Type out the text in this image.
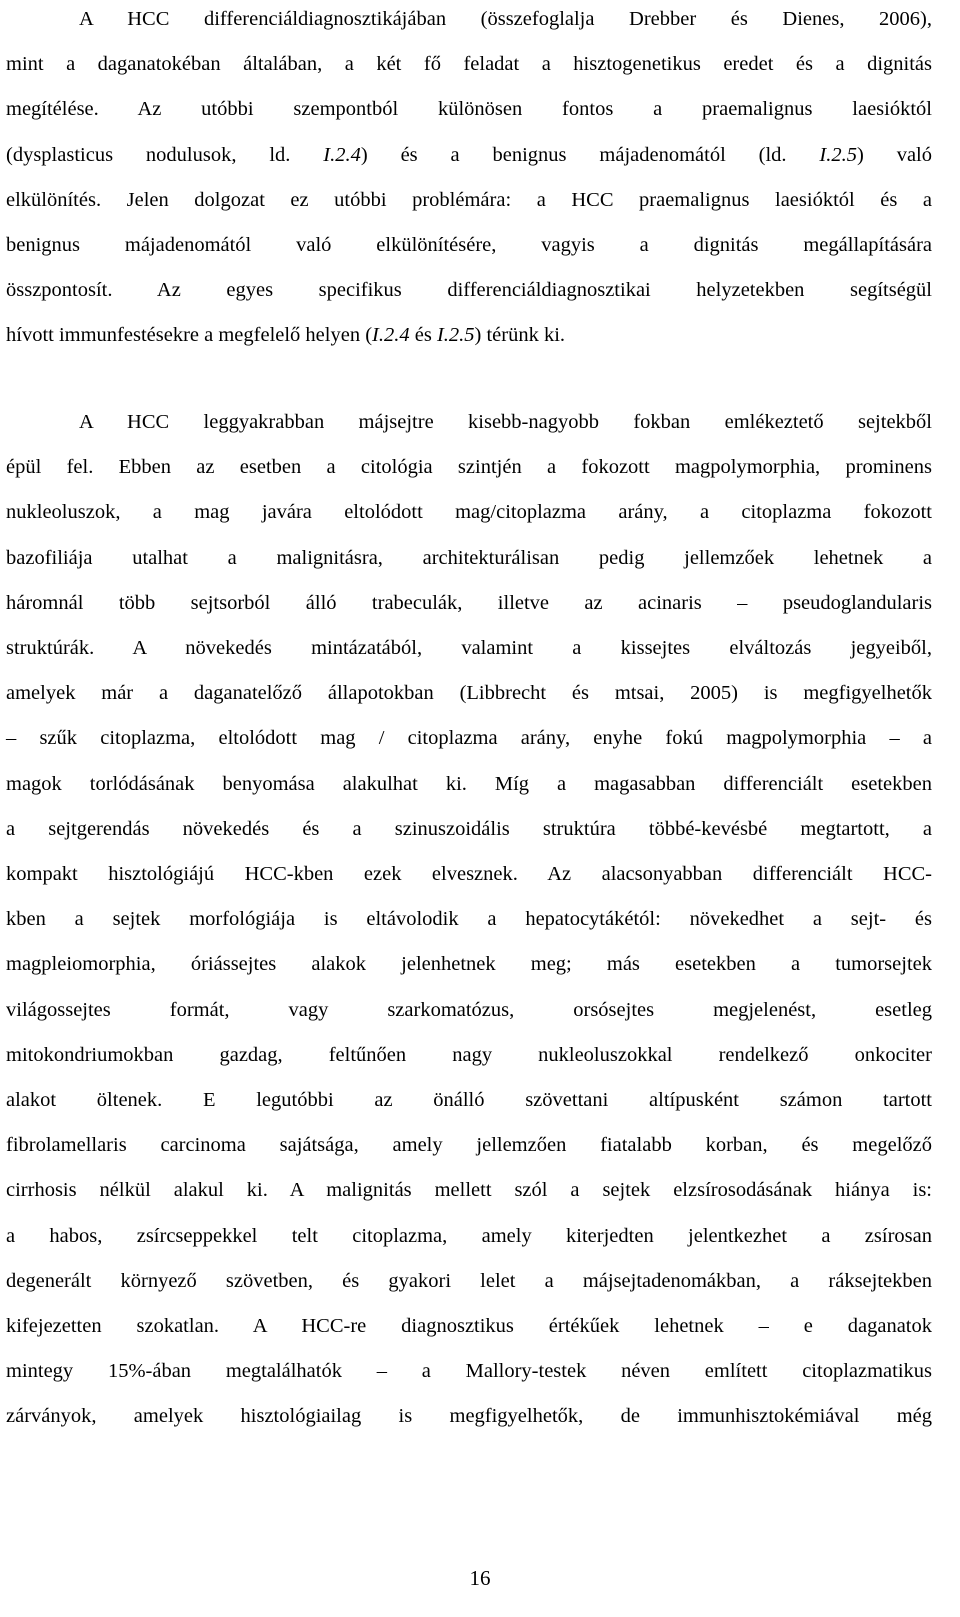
A HCC differenciáldiagnosztikájában (összefoglalja Drebber és Dienes, 2006),
mint a daganatokéban általában, a két fő feladat a hisztogenetikus eredet és a dignitás
megítélése. Az utóbbi szempontból különösen fontos a praemalignus laesióktól
(dysplasticus nodulusok, ld. I.2.4) és a benignus májadenomától (ld. I.2.5) való
elkülönítés. Jelen dolgozat ez utóbbi problémára: a HCC praemalignus laesióktól és a
benignus májadenomától való elkülönítésére, vagyis a dignitás megállapítására
összpontosít. Az egyes specifikus differenciáldiagnosztikai helyzetekben segítségül
hívott immunfestésekre a megfelelő helyen (I.2.4 és I.2.5) térünk ki.
A HCC leggyakrabban májsejtre kisebb-nagyobb fokban emlékeztető sejtekből
épül fel. Ebben az esetben a citológia szintjén a fokozott magpolymorphia, prominens
nukleoluszok, a mag javára eltolódott mag/citoplazma arány, a citoplazma fokozott
bazofiliája utalhat a malignitásra, architekturálisan pedig jellemzőek lehetnek a
háromnál több sejtsorból álló trabeculák, illetve az acinaris – pseudoglandularis
struktúrák. A növekedés mintázatából, valamint a kissejtes elváltozás jegyeiből,
amelyek már a daganatelőző állapotokban (Libbrecht és mtsai, 2005) is megfigyelhetők
– szűk citoplazma, eltolódott mag / citoplazma arány, enyhe fokú magpolymorphia – a
magok torlódásának benyomása alakulhat ki. Míg a magasabban differenciált esetekben
a sejtgerendás növekedés és a szinuszoidális struktúra többé-kevésbé megtartott, a
kompakt hisztológiájú HCC-kben ezek elvesznek. Az alacsonyabban differenciált HCC-
kben a sejtek morfológiája is eltávolodik a hepatocytákétól: növekedhet a sejt- és
magpleiomorphia, óriássejtes alakok jelenhetnek meg; más esetekben a tumorsejtek
világossejtes formát, vagy szarkomatózus, orsósejtes megjelenést, esetleg
mitokondriumokban gazdag, feltűnően nagy nukleoluszokkal rendelkező onkociter
alakot öltenek. E legutóbbi az önálló szövettani altípusként számon tartott
fibrolamellaris carcinoma sajátsága, amely jellemzően fiatalabb korban, és megelőző
cirrhosis nélkül alakul ki. A malignitás mellett szól a sejtek elzsírosodásának hiánya is:
a habos, zsírcseppekkel telt citoplazma, amely kiterjedten jelentkezhet a zsírosan
degenerált környező szövetben, és gyakori lelet a májsejtadenomákban, a ráksejtekben
kifejezetten szokatlan. A HCC-re diagnosztikus értékűek lehetnek – e daganatok
mintegy 15%-ában megtalálhatók – a Mallory-testek néven említett citoplazmatikus
zárványok, amelyek hisztológiailag is megfigyelhetők, de immunhisztokémiával még
16
